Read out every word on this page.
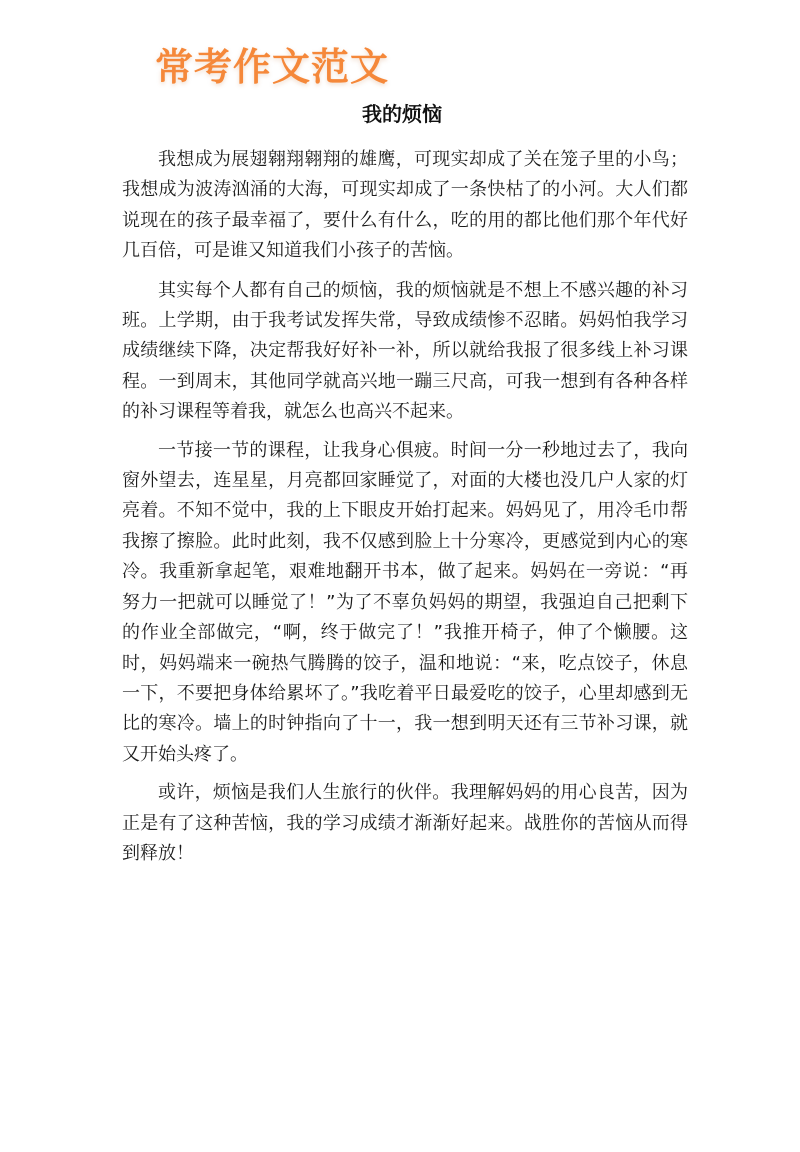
常考作文范文
我的烦恼

我想成为展翅翱翔翱翔的雄鹰，可现实却成了关在笼子里的小鸟；我想成为波涛汹涌的大海，可现实却成了一条快枯了的小河。大人们都说现在的孩子最幸福了，要什么有什么，吃的用的都比他们那个年代好几百倍，可是谁又知道我们小孩子的苦恼。

其实每个人都有自己的烦恼，我的烦恼就是不想上不感兴趣的补习班。上学期，由于我考试发挥失常，导致成绩惨不忍睹。妈妈怕我学习成绩继续下降，决定帮我好好补一补，所以就给我报了很多线上补习课程。一到周末，其他同学就高兴地一蹦三尺高，可我一想到有各种各样的补习课程等着我，就怎么也高兴不起来。

一节接一节的课程，让我身心俱疲。时间一分一秒地过去了，我向窗外望去，连星星，月亮都回家睡觉了，对面的大楼也没几户人家的灯亮着。不知不觉中，我的上下眼皮开始打起来。妈妈见了，用冷毛巾帮我擦了擦脸。此时此刻，我不仅感到脸上十分寒冷，更感觉到内心的寒冷。我重新拿起笔，艰难地翻开书本，做了起来。妈妈在一旁说：“再努力一把就可以睡觉了！”为了不辜负妈妈的期望，我强迫自己把剩下的作业全部做完，“啊，终于做完了！”我推开椅子，伸了个懒腰。这时，妈妈端来一碗热气腾腾的饺子，温和地说：“来，吃点饺子，休息一下，不要把身体给累坏了。”我吃着平日最爱吃的饺子，心里却感到无比的寒冷。墙上的时钟指向了十一，我一想到明天还有三节补习课，就又开始头疼了。

或许，烦恼是我们人生旅行的伙伴。我理解妈妈的用心良苦，因为正是有了这种苦恼，我的学习成绩才渐渐好起来。战胜你的苦恼从而得到释放！
